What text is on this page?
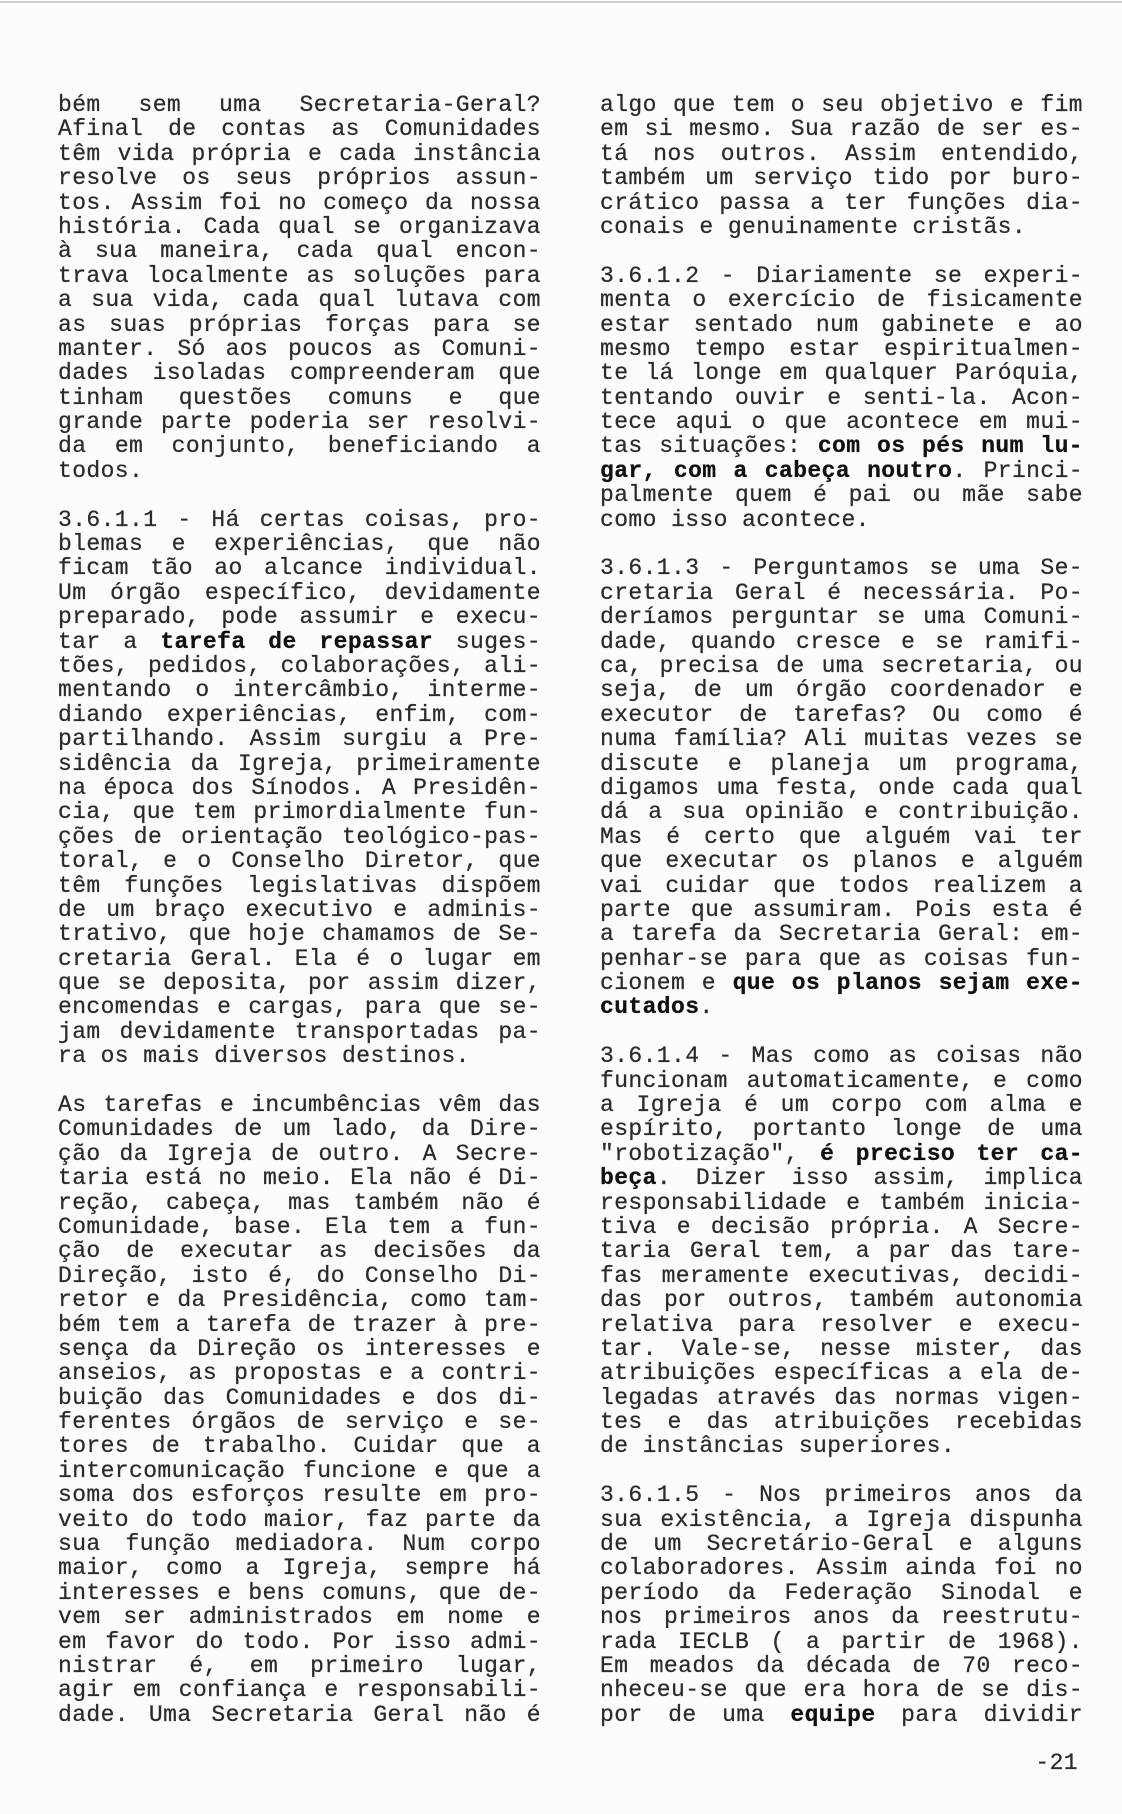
bém sem uma Secretaria-Geral?
Afinal de contas as Comunidades
têm vida própria e cada instância
resolve os seus próprios assun-
tos. Assim foi no começo da nossa
história. Cada qual se organizava
à sua maneira, cada qual encon-
trava localmente as soluções para
a sua vida, cada qual lutava com
as suas próprias forças para se
manter. Só aos poucos as Comuni-
dades isoladas compreenderam que
tinham questões comuns e que
grande parte poderia ser resolvi-
da em conjunto, beneficiando a
todos.
3.6.1.1 - Há certas coisas, pro-
blemas e experiências, que não
ficam tão ao alcance individual.
Um órgão específico, devidamente
preparado, pode assumir e execu-
tar a tarefa de repassar suges-
tões, pedidos, colaborações, ali-
mentando o intercâmbio, interme-
diando experiências, enfim, com-
partilhando. Assim surgiu a Pre-
sidência da Igreja, primeiramente
na época dos Sínodos. A Presidên-
cia, que tem primordialmente fun-
ções de orientação teológico-pas-
toral, e o Conselho Diretor, que
têm funções legislativas dispõem
de um braço executivo e adminis-
trativo, que hoje chamamos de Se-
cretaria Geral. Ela é o lugar em
que se deposita, por assim dizer,
encomendas e cargas, para que se-
jam devidamente transportadas pa-
ra os mais diversos destinos.
As tarefas e incumbências vêm das
Comunidades de um lado, da Dire-
ção da Igreja de outro. A Secre-
taria está no meio. Ela não é Di-
reção, cabeça, mas também não é
Comunidade, base. Ela tem a fun-
ção de executar as decisões da
Direção, isto é, do Conselho Di-
retor e da Presidência, como tam-
bém tem a tarefa de trazer à pre-
sença da Direção os interesses e
anseios, as propostas e a contri-
buição das Comunidades e dos di-
ferentes órgãos de serviço e se-
tores de trabalho. Cuidar que a
intercomunicação funcione e que a
soma dos esforços resulte em pro-
veito do todo maior, faz parte da
sua função mediadora. Num corpo
maior, como a Igreja, sempre há
interesses e bens comuns, que de-
vem ser administrados em nome e
em favor do todo. Por isso admi-
nistrar é, em primeiro lugar,
agir em confiança e responsabili-
dade. Uma Secretaria Geral não é
algo que tem o seu objetivo e fim
em si mesmo. Sua razão de ser es-
tá nos outros. Assim entendido,
também um serviço tido por buro-
crático passa a ter funções dia-
conais e genuinamente cristãs.
3.6.1.2 - Diariamente se experi-
menta o exercício de fisicamente
estar sentado num gabinete e ao
mesmo tempo estar espiritualmen-
te lá longe em qualquer Paróquia,
tentando ouvir e senti-la. Acon-
tece aqui o que acontece em mui-
tas situações: com os pés num lu-
gar, com a cabeça noutro. Princi-
palmente quem é pai ou mãe sabe
como isso acontece.
3.6.1.3 - Perguntamos se uma Se-
cretaria Geral é necessária. Po-
deríamos perguntar se uma Comuni-
dade, quando cresce e se ramifi-
ca, precisa de uma secretaria, ou
seja, de um órgão coordenador e
executor de tarefas? Ou como é
numa família? Ali muitas vezes se
discute e planeja um programa,
digamos uma festa, onde cada qual
dá a sua opinião e contribuição.
Mas é certo que alguém vai ter
que executar os planos e alguém
vai cuidar que todos realizem a
parte que assumiram. Pois esta é
a tarefa da Secretaria Geral: em-
penhar-se para que as coisas fun-
cionem e que os planos sejam exe-
cutados.
3.6.1.4 - Mas como as coisas não
funcionam automaticamente, e como
a Igreja é um corpo com alma e
espírito, portanto longe de uma
"robotização", é preciso ter ca-
beça. Dizer isso assim, implica
responsabilidade e também inicia-
tiva e decisão própria. A Secre-
taria Geral tem, a par das tare-
fas meramente executivas, decidi-
das por outros, também autonomia
relativa para resolver e execu-
tar. Vale-se, nesse mister, das
atribuições específicas a ela de-
legadas através das normas vigen-
tes e das atribuições recebidas
de instâncias superiores.
3.6.1.5 - Nos primeiros anos da
sua existência, a Igreja dispunha
de um Secretário-Geral e alguns
colaboradores. Assim ainda foi no
período da Federação Sinodal e
nos primeiros anos da reestrutu-
rada IECLB ( a partir de 1968).
Em meados da década de 70 reco-
nheceu-se que era hora de se dis-
por de uma equipe para dividir
-21
